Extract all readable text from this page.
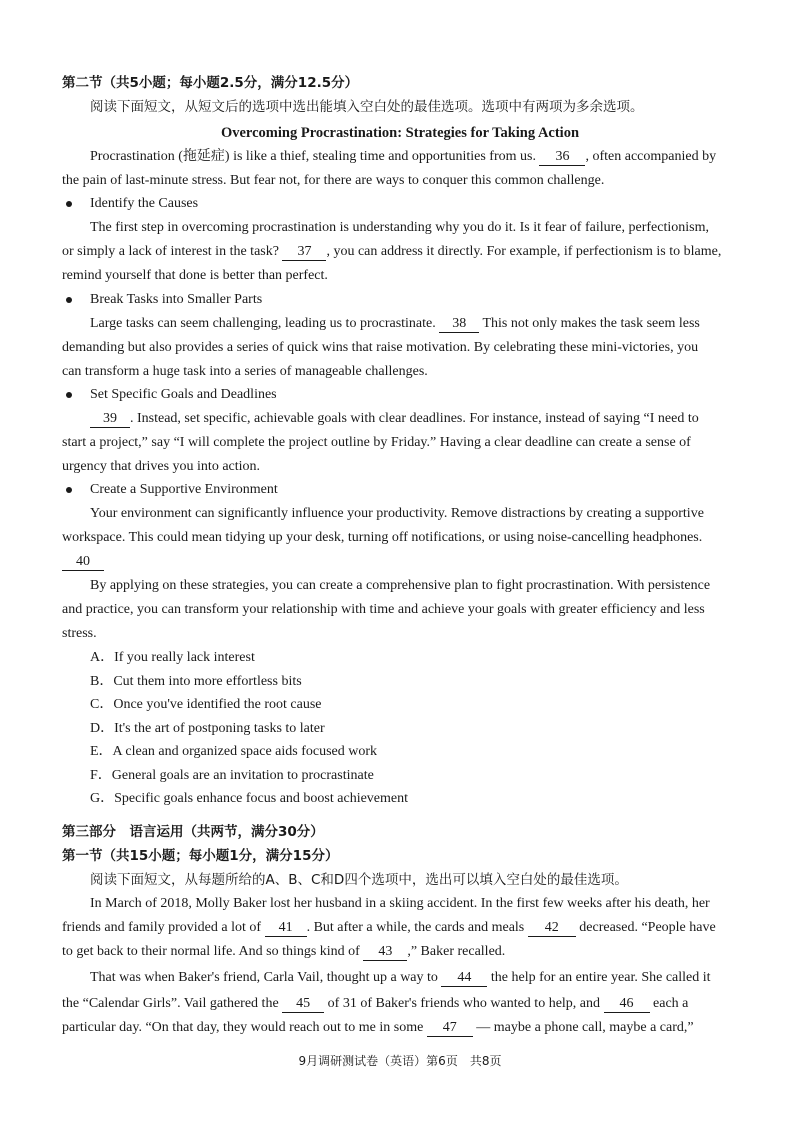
第二节（共5小题；每小题2.5分，满分12.5分）
阅读下面短文，从短文后的选项中选出能填入空白处的最佳选项。选项中有两项为多余选项。
Overcoming Procrastination: Strategies for Taking Action
Procrastination (拖延症) is like a thief, stealing time and opportunities from us. 36 , often accompanied by
the pain of last-minute stress. But fear not, for there are ways to conquer this common challenge.
Identify the Causes
The first step in overcoming procrastination is understanding why you do it. Is it fear of failure, perfectionism,
or simply a lack of interest in the task? 37 , you can address it directly. For example, if perfectionism is to blame,
remind yourself that done is better than perfect.
Break Tasks into Smaller Parts
Large tasks can seem challenging, leading us to procrastinate. 38 This not only makes the task seem less
demanding but also provides a series of quick wins that raise motivation. By celebrating these mini-victories, you
can transform a huge task into a series of manageable challenges.
Set Specific Goals and Deadlines
39 . Instead, set specific, achievable goals with clear deadlines. For instance, instead of saying “I need to
start a project,” say “I will complete the project outline by Friday.” Having a clear deadline can create a sense of
urgency that drives you into action.
Create a Supportive Environment
Your environment can significantly influence your productivity. Remove distractions by creating a supportive
workspace. This could mean tidying up your desk, turning off notifications, or using noise-cancelling headphones.
40
By applying on these strategies, you can create a comprehensive plan to fight procrastination. With persistence
and practice, you can transform your relationship with time and achieve your goals with greater efficiency and less
stress.
A．If you really lack interest
B．Cut them into more effortless bits
C．Once you've identified the root cause
D．It's the art of postponing tasks to later
E．A clean and organized space aids focused work
F．General goals are an invitation to procrastinate
G．Specific goals enhance focus and boost achievement
第三部分　语言运用（共两节，满分30分）
第一节（共15小题；每小题1分，满分15分）
阅读下面短文，从每题所给的A、B、C和D四个选项中，选出可以填入空白处的最佳选项。
In March of 2018, Molly Baker lost her husband in a skiing accident. In the first few weeks after his death, her
friends and family provided a lot of 41 . But after a while, the cards and meals 42 decreased. “People have
to get back to their normal life. And so things kind of 43 ,” Baker recalled.
That was when Baker's friend, Carla Vail, thought up a way to 44 the help for an entire year. She called it
the “Calendar Girls”. Vail gathered the 45 of 31 of Baker's friends who wanted to help, and 46 each a
particular day. “On that day, they would reach out to me in some 47 — maybe a phone call, maybe a card,”
9月调研测试卷（英语）第6页　共8页
